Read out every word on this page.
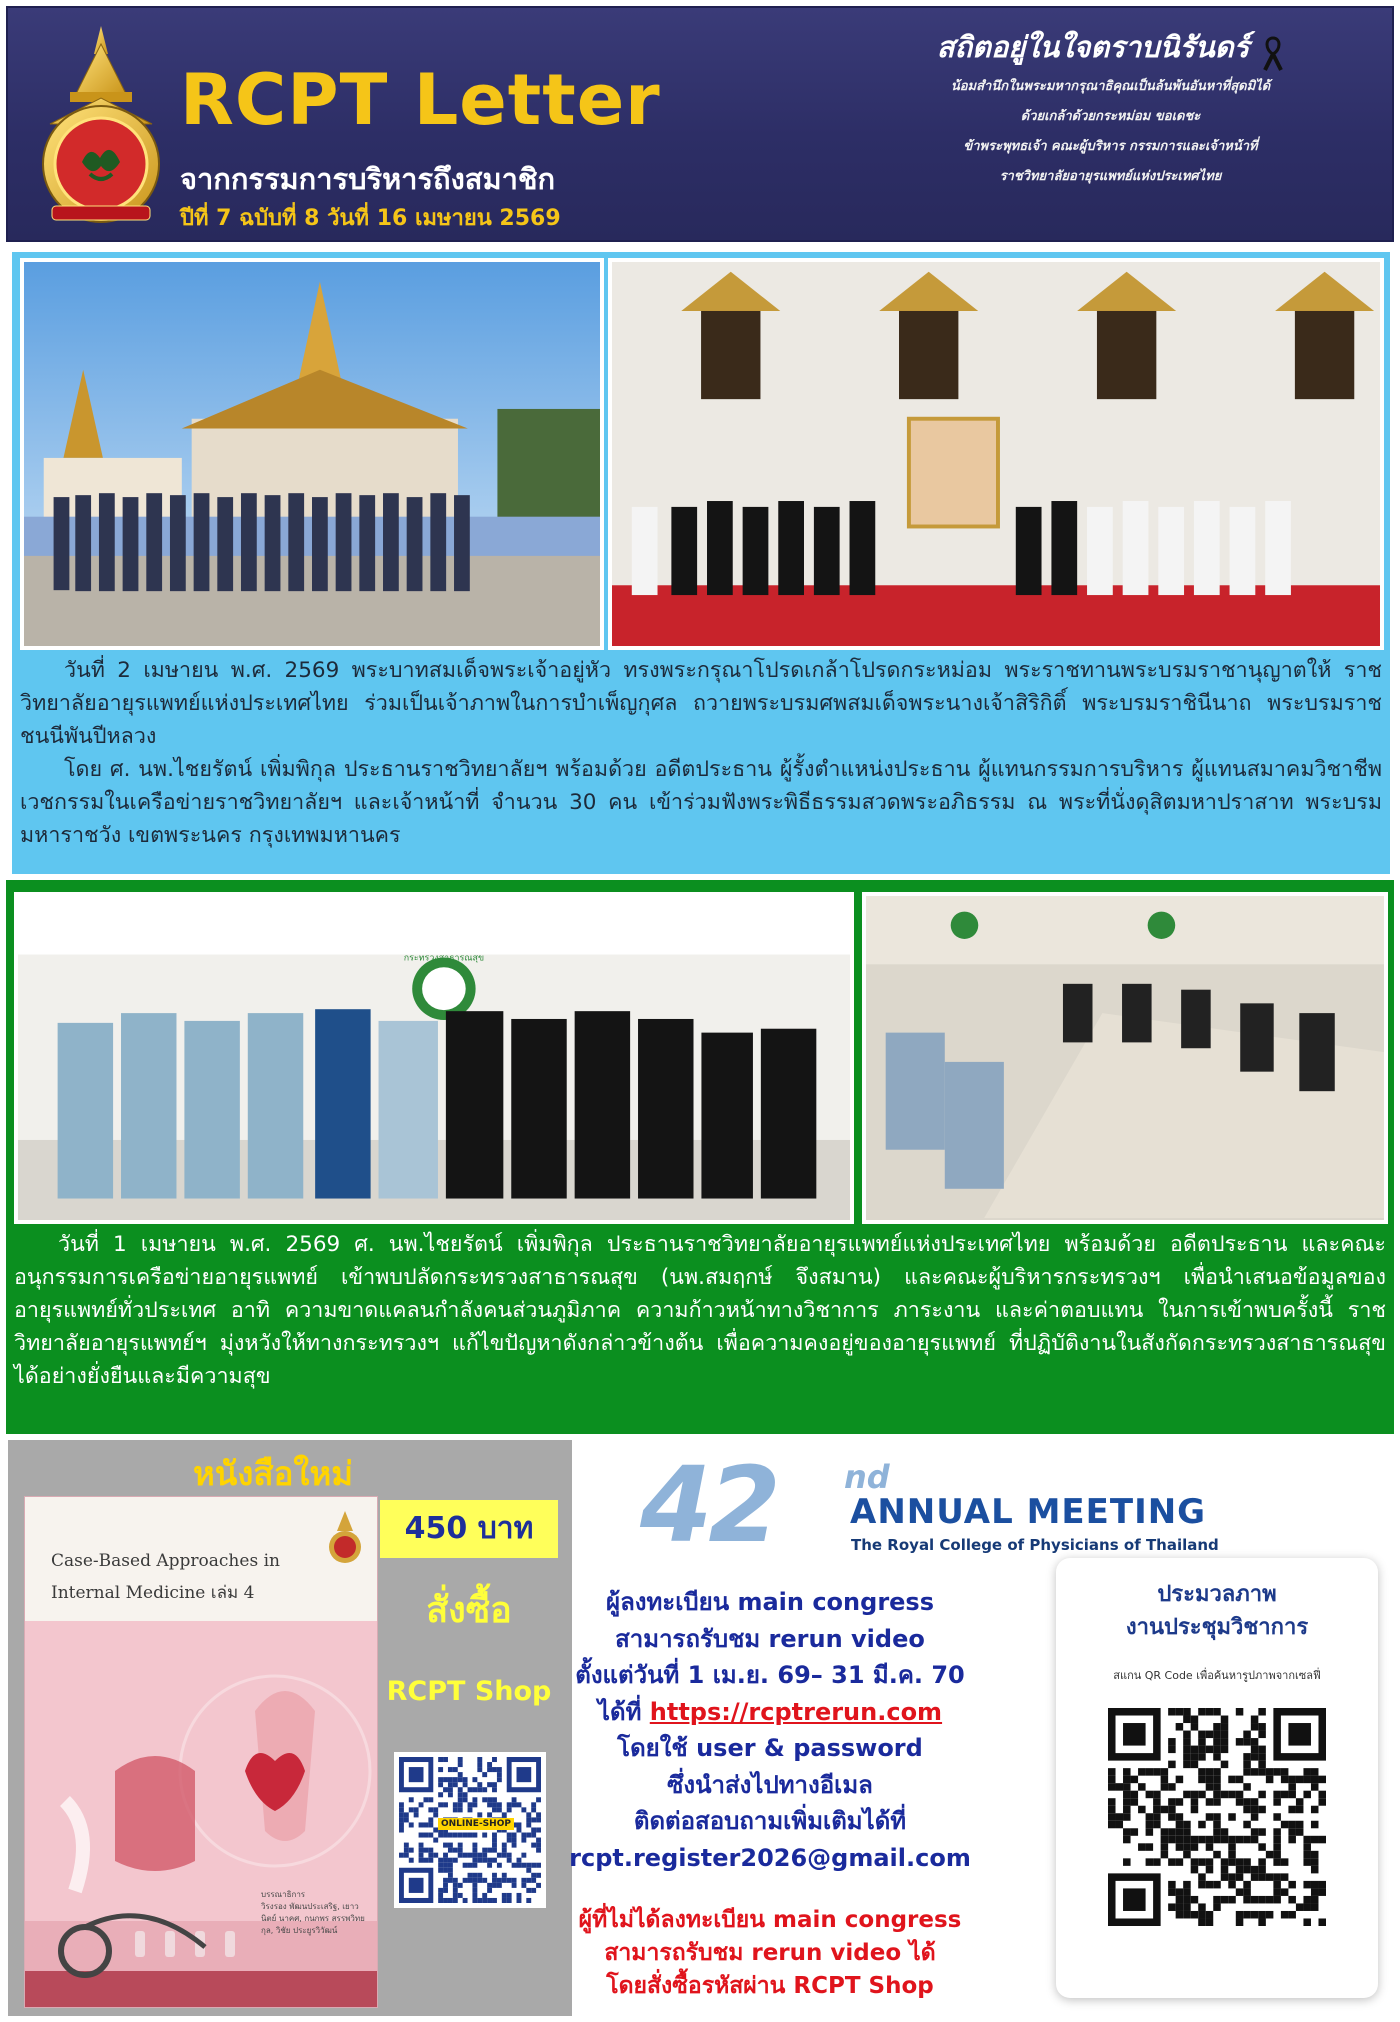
RCPT Letter
จากกรรมการบริหารถึงสมาชิก
ปีที่ 7 ฉบับที่ 8 วันที่ 16 เมษายน 2569
สถิตอยู่ในใจตราบนิรันดร์
น้อมสำนึกในพระมหากรุณาธิคุณเป็นล้นพ้นอันหาที่สุดมิได้
ด้วยเกล้าด้วยกระหม่อม ขอเดชะ
ข้าพระพุทธเจ้า คณะผู้บริหาร กรรมการและเจ้าหน้าที่
ราชวิทยาลัยอายุรแพทย์แห่งประเทศไทย

วันที่ 2 เมษายน พ.ศ. 2569 พระบาทสมเด็จพระเจ้าอยู่หัว ทรงพระกรุณาโปรดเกล้าโปรดกระหม่อม พระราชทานพระบรมราชานุญาตให้ ราชวิทยาลัยอายุรแพทย์แห่งประเทศไทย ร่วมเป็นเจ้าภาพในการบำเพ็ญกุศล ถวายพระบรมศพสมเด็จพระนางเจ้าสิริกิติ์ พระบรมราชินีนาถ พระบรมราชชนนีพันปีหลวง

โดย ศ. นพ.ไชยรัตน์ เพิ่มพิกุล ประธานราชวิทยาลัยฯ พร้อมด้วย อดีตประธาน ผู้รั้งตำแหน่งประธาน ผู้แทนกรรมการบริหาร ผู้แทนสมาคมวิชาชีพเวชกรรมในเครือข่ายราชวิทยาลัยฯ และเจ้าหน้าที่ จำนวน 30 คน เข้าร่วมฟังพระพิธีธรรมสวดพระอภิธรรม ณ พระที่นั่งดุสิตมหาปราสาท พระบรมมหาราชวัง เขตพระนคร กรุงเทพมหานคร

กระทรวงสาธารณสุข

วันที่ 1 เมษายน พ.ศ. 2569 ศ. นพ.ไชยรัตน์ เพิ่มพิกุล ประธานราชวิทยาลัยอายุรแพทย์แห่งประเทศไทย พร้อมด้วย อดีตประธาน และคณะอนุกรรมการเครือข่ายอายุรแพทย์ เข้าพบปลัดกระทรวงสาธารณสุข (นพ.สมฤกษ์ จึงสมาน) และคณะผู้บริหารกระทรวงฯ เพื่อนำเสนอข้อมูลของอายุรแพทย์ทั่วประเทศ อาทิ ความขาดแคลนกำลังคนส่วนภูมิภาค ความก้าวหน้าทางวิชาการ ภาระงาน และค่าตอบแทน ในการเข้าพบครั้งนี้ ราชวิทยาลัยอายุรแพทย์ฯ มุ่งหวังให้ทางกระทรวงฯ แก้ไขปัญหาดังกล่าวข้างต้น เพื่อความคงอยู่ของอายุรแพทย์ ที่ปฏิบัติงานในสังกัดกระทรวงสาธารณสุข ได้อย่างยั่งยืนและมีความสุข

หนังสือใหม่
Case-Based Approaches in Internal Medicine เล่ม 4
บรรณาธิการ
วิรงรอง พัฒนประเสริฐ, เยาวนิตย์ นาคศ, กนกพร สรรพวิทยกุล, วิชัย ประยูรวิวัฒน์
450 บาท
สั่งซื้อ
RCPT Shop
ONLINE-SHOP
42 nd
ANNUAL MEETING
The Royal College of Physicians of Thailand
ผู้ลงทะเบียน main congress
สามารถรับชม rerun video
ตั้งแต่วันที่ 1 เม.ย. 69– 31 มี.ค. 70
ได้ที่ https://rcptrerun.com
โดยใช้ user & password
ซึ่งนำส่งไปทางอีเมล
ติดต่อสอบถามเพิ่มเติมได้ที่
rcpt.register2026@gmail.com
ผู้ที่ไม่ได้ลงทะเบียน main congress
สามารถรับชม rerun video ได้
โดยสั่งซื้อรหัสผ่าน RCPT Shop
ประมวลภาพ
งานประชุมวิชาการ
สแกน QR Code เพื่อค้นหารูปภาพจากเซลฟี่
